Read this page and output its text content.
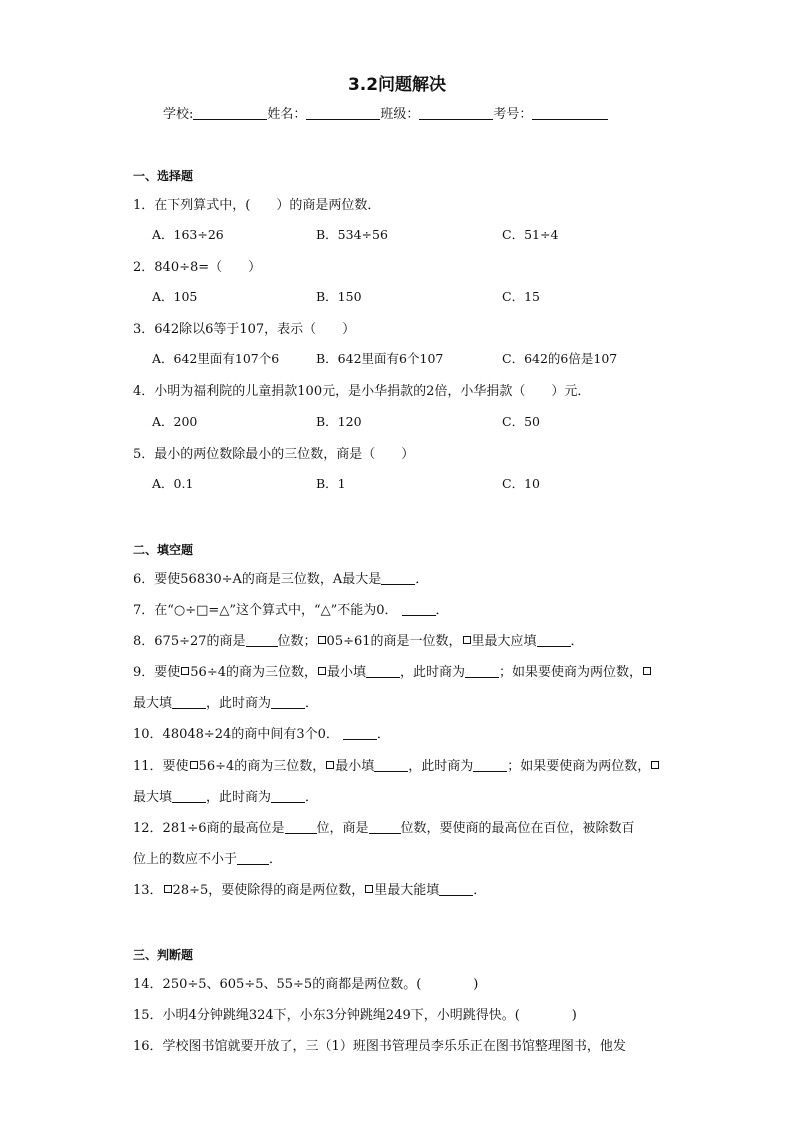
3.2问题解决
学校:	姓名：	班级：	考号：
一、选择题
1．在下列算式中，(　　）的商是两位数．
A．163÷26	B．534÷56	C．51÷4
2．840÷8=（　　）
A．105	B．150	C．15
3．642除以6等于107，表示（　　）
A．642里面有107个6	B．642里面有6个107	C．642的6倍是107
4．小明为福利院的儿童捐款100元，是小华捐款的2倍，小华捐款（　　）元．
A．200	B．120	C．50
5．最小的两位数除最小的三位数，商是（　　）
A．0.1	B．1	C．10
二、填空题
6．要使56830÷A的商是三位数，A最大是	．
7．在“○÷□=△”这个算式中，“△”不能为0．	．
8．675÷27的商是 位数； 05÷61的商是一位数， 里最大应填	．
9．要使 56÷4的商为三位数， 最小填	，此时商为	；如果要使商为两位数，
最大填	，此时商为	．
10．48048÷24的商中间有3个0．	．
11．要使 56÷4的商为三位数， 最小填	，此时商为	；如果要使商为两位数，
最大填	，此时商为	．
12．281÷6商的最高位是 位，商是 位数，要使商的最高位在百位，被除数百
位上的数应不小于 ．
13． 28÷5，要使除得的商是两位数， 里最大能填	．
三、判断题
14．250÷5、605÷5、55÷5的商都是两位数。(　　　　)
15．小明4分钟跳绳324下，小东3分钟跳绳249下，小明跳得快。(　　　　)
16．学校图书馆就要开放了，三（1）班图书管理员李乐乐正在图书馆整理图书，他发
